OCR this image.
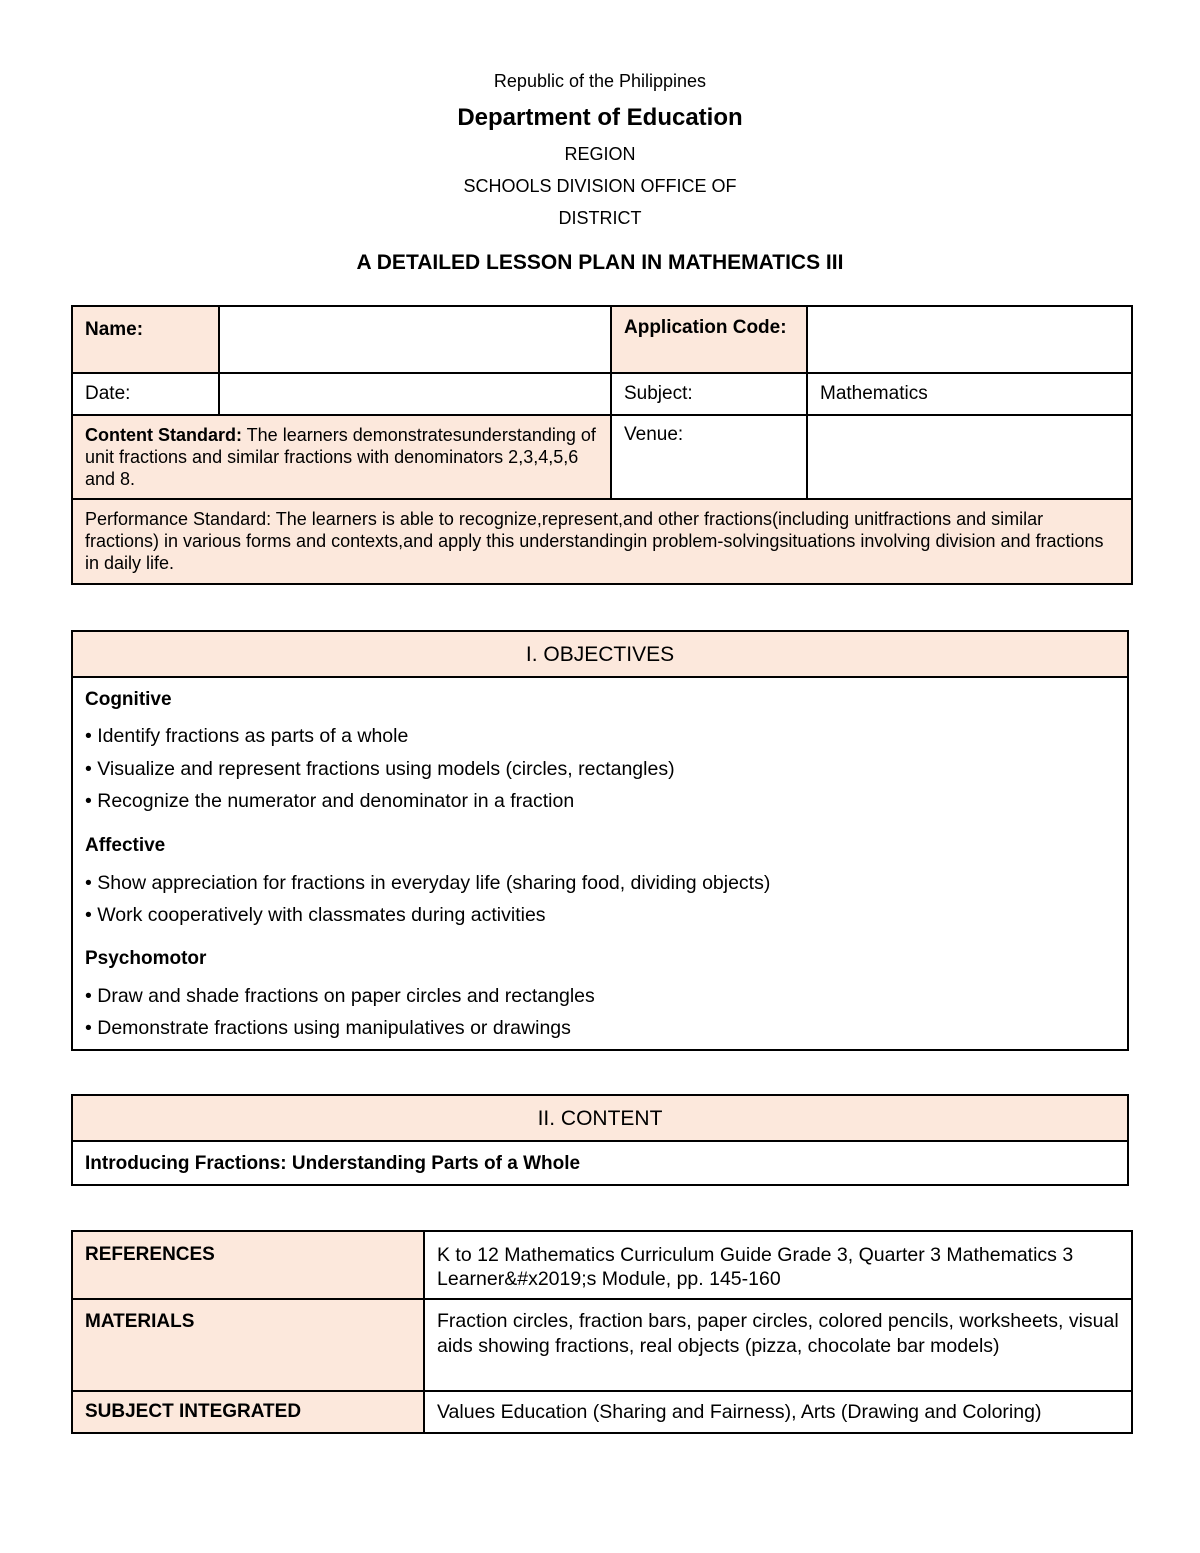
Republic of the Philippines
Department of Education
REGION
SCHOOLS DIVISION OFFICE OF
DISTRICT
A DETAILED LESSON PLAN IN MATHEMATICS III
Name:		Application Code:	
Date:		Subject:	Mathematics
Content Standard: The learners demonstratesunderstanding of unit fractions and similar fractions with denominators 2,3,4,5,6 and 8.		Venue:	
Performance Standard: The learners is able to recognize,represent,and other fractions(including unitfractions and similar fractions) in various forms and contexts,and apply this understandingin problem-solvingsituations involving division and fractions in daily life.			
I. OBJECTIVES

Cognitive

• Identify fractions as parts of a whole

• Visualize and represent fractions using models (circles, rectangles)

• Recognize the numerator and denominator in a fraction

Affective

• Show appreciation for fractions in everyday life (sharing food, dividing objects)

• Work cooperatively with classmates during activities

Psychomotor

• Draw and shade fractions on paper circles and rectangles

• Demonstrate fractions using manipulatives or drawings

II. CONTENT
Introducing Fractions: Understanding Parts of a Whole
REFERENCES	K to 12 Mathematics Curriculum Guide Grade 3, Quarter 3 Mathematics 3 Learner&#x2019;s Module, pp. 145-160
MATERIALS	Fraction circles, fraction bars, paper circles, colored pencils, worksheets, visual aids showing fractions, real objects (pizza, chocolate bar models)
SUBJECT INTEGRATED	Values Education (Sharing and Fairness), Arts (Drawing and Coloring)
